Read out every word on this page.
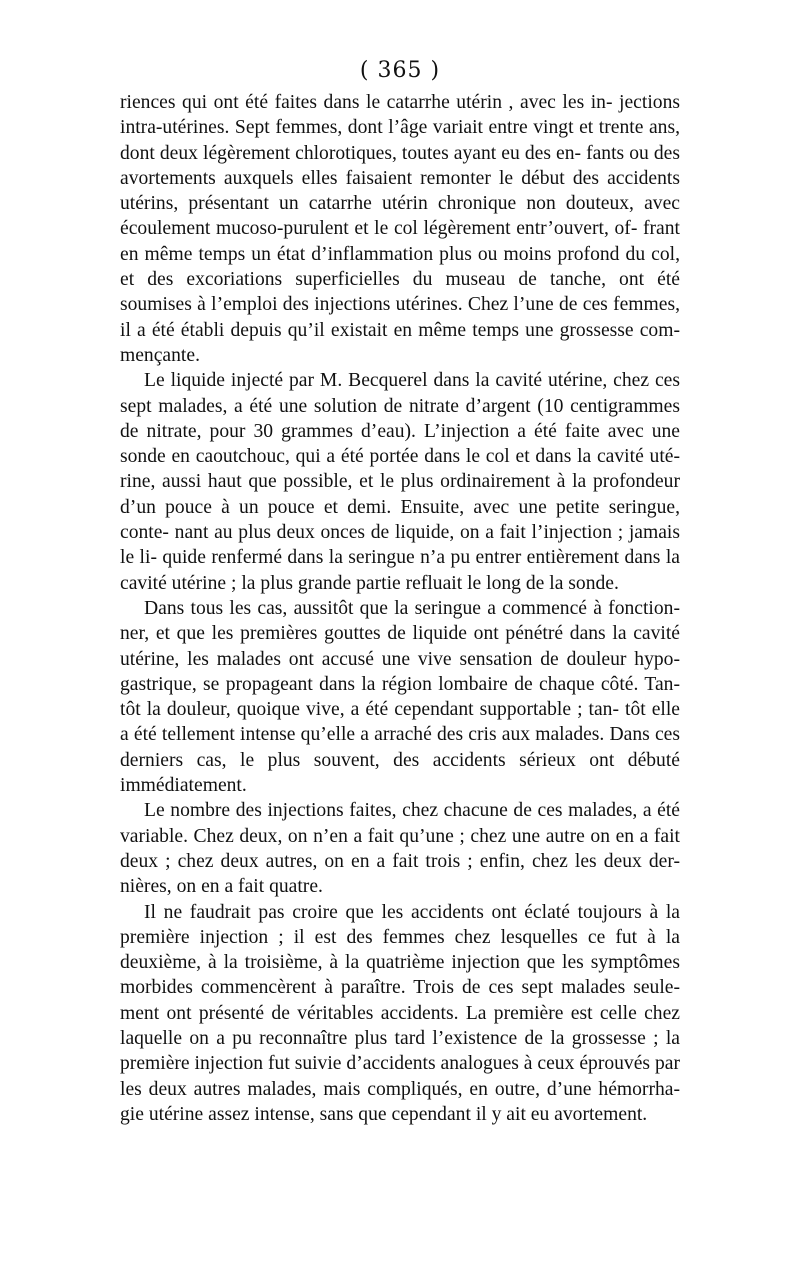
( 365 )

riences qui ont été faites dans le catarrhe utérin , avec les in- jections intra-utérines. Sept femmes, dont l’âge variait entre vingt et trente ans, dont deux légèrement chlorotiques, toutes ayant eu des en- fants ou des avortements auxquels elles faisaient remonter le début des accidents utérins, présentant un catarrhe utérin chronique non douteux, avec écoulement mucoso-purulent et le col légèrement entr’ouvert, of- frant en même temps un état d’inflammation plus ou moins profond du col, et des excoriations superficielles du museau de tanche, ont été soumises à l’emploi des injections utérines. Chez l’une de ces femmes, il a été établi depuis qu’il existait en même temps une grossesse com- mençante.

Le liquide injecté par M. Becquerel dans la cavité utérine, chez ces sept malades, a été une solution de nitrate d’argent (10 centigrammes de nitrate, pour 30 grammes d’eau). L’injection a été faite avec une sonde en caoutchouc, qui a été portée dans le col et dans la cavité uté- rine, aussi haut que possible, et le plus ordinairement à la profondeur d’un pouce à un pouce et demi. Ensuite, avec une petite seringue, conte- nant au plus deux onces de liquide, on a fait l’injection ; jamais le li- quide renfermé dans la seringue n’a pu entrer entièrement dans la cavité utérine ; la plus grande partie refluait le long de la sonde.

Dans tous les cas, aussitôt que la seringue a commencé à fonction- ner, et que les premières gouttes de liquide ont pénétré dans la cavité utérine, les malades ont accusé une vive sensation de douleur hypo- gastrique, se propageant dans la région lombaire de chaque côté. Tan- tôt la douleur, quoique vive, a été cependant supportable ; tan- tôt elle a été tellement intense qu’elle a arraché des cris aux malades. Dans ces derniers cas, le plus souvent, des accidents sérieux ont débuté immédiatement.

Le nombre des injections faites, chez chacune de ces malades, a été variable. Chez deux, on n’en a fait qu’une ; chez une autre on en a fait deux ; chez deux autres, on en a fait trois ; enfin, chez les deux der- nières, on en a fait quatre.

Il ne faudrait pas croire que les accidents ont éclaté toujours à la première injection ; il est des femmes chez lesquelles ce fut à la deuxième, à la troisième, à la quatrième injection que les symptômes morbides commencèrent à paraître. Trois de ces sept malades seule- ment ont présenté de véritables accidents. La première est celle chez laquelle on a pu reconnaître plus tard l’existence de la grossesse ; la première injection fut suivie d’accidents analogues à ceux éprouvés par les deux autres malades, mais compliqués, en outre, d’une hémorrha- gie utérine assez intense, sans que cependant il y ait eu avortement.
